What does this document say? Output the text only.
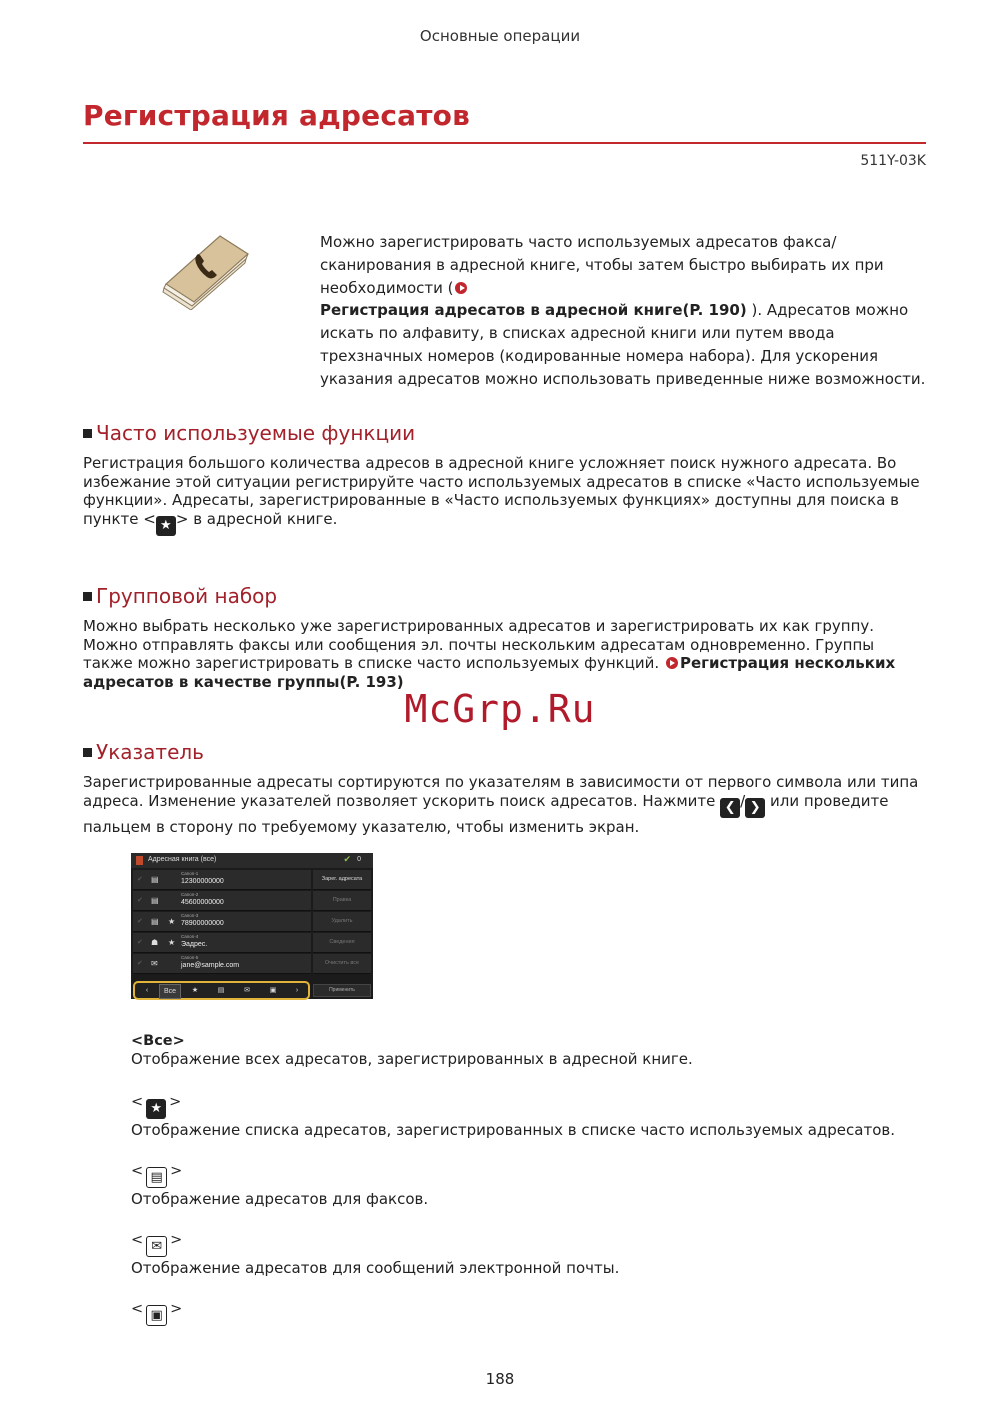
Основные операции
Регистрация адресатов
511Y-03K
Можно зарегистрировать часто используемых адресатов факса/сканирования в адресной книге, чтобы затем быстро выбирать их при необходимости (
Регистрация адресатов в адресной книге(P. 190) ). Адресатов можно искать по алфавиту, в списках адресной книги или путем ввода трехзначных номеров (кодированные номера набора). Для ускорения указания адресатов можно использовать приведенные ниже возможности.
Часто используемые функции
Регистрация большого количества адресов в адресной книге усложняет поиск нужного адресата. Во избежание этой ситуации регистрируйте часто используемых адресатов в списке «Часто используемые функции». Адресаты, зарегистрированные в «Часто используемых функциях» доступны для поиска в пункте < ★ > в адресной книге.
Групповой набор
Можно выбрать несколько уже зарегистрированных адресатов и зарегистрировать их как группу. Можно отправлять факсы или сообщения эл. почты нескольким адресатам одновременно. Группы также можно зарегистрировать в списке часто используемых функций. Регистрация нескольких адресатов в качестве группы(P. 193)
McGrp.Ru
Указатель
Зарегистрированные адресаты сортируются по указателям в зависимости от первого символа или типа адреса. Изменение указателей позволяет ускорить поиск адресатов. Нажмите ❮ / ❯ или проведите пальцем в сторону по требуемому указателю, чтобы изменить экран.
Адресная книга (все)	✔ 0
✔ ▤
Canon-1
12300000000
✔ ▤
Canon-2
45600000000
✔ ▤ ★
Canon-3
78900000000
✔ ☗ ★
Canon-4
Эадрес.
✔ ✉
Canon-5
jane@sample.com
Зарег. адресата
Правка
Удалить
Сведения
Очистить все
‹	Все	★	▤	✉	▣	›	Применить
<Все>
Отображение всех адресатов, зарегистрированных в адресной книге.
< ★ >
Отображение списка адресатов, зарегистрированных в списке часто используемых адресатов.
< ▤ >
Отображение адресатов для факсов.
< ✉ >
Отображение адресатов для сообщений электронной почты.
< ▣ >
188
